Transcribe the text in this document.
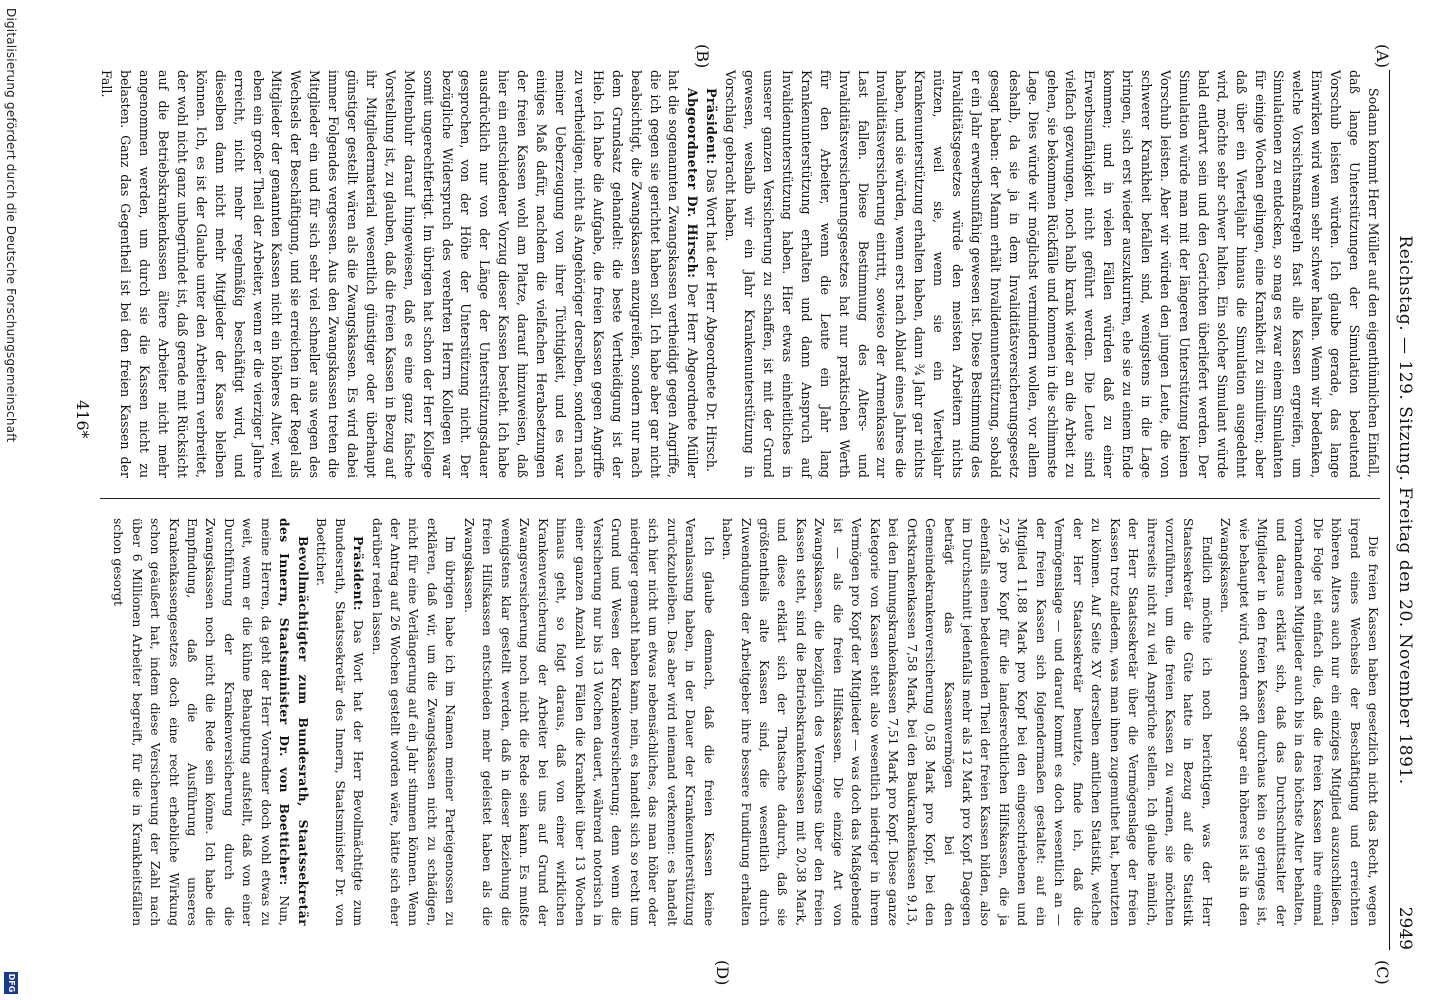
Reichstag. — 129. Sitzung. Freitag den 20. November 1891.
2949
(A)
(B)
(C)
(D)

Sodann kommt Herr Müller auf den eigenthümlichen Einfall, daß lange Unterstützungen der Simulation bedeutend Vorschub leisten würden. Ich glaube gerade, das lange Einwirken wird wenn sehr schwer halten. Wenn wir bedenken, welche Vorsichtsmaßregeln fast alle Kassen ergreifen, um Simulationen zu entdecken, so mag es zwar einem Simulanten für einige Wochen gelingen, eine Krankheit zu simuliren; aber daß über ein Vierteljahr hinaus die Simulation ausgedehnt wird, möchte sehr schwer halten. Ein solcher Simulant würde bald entlarvt sein und den Gerichten überliefert werden. Der Simulation würde man mit der längeren Unterstützung keinen Vorschub leisten. Aber wir würden den jungen Leute, die von schwerer Krankheit befallen sind, wenigstens in die Lage bringen, sich erst wieder auszukuriren, ehe sie zu einem Ende kommen; und in vielen Fällen würden daß zu einer Erwerbsunfähigkeit nicht geführt werden. Die Leute sind vielfach gezwungen, noch halb krank wieder an die Arbeit zu gehen, sie bekommen Rückfälle und kommen in die schlimmste Lage. Dies würde wir möglichst vermindern wollen, vor allem deshalb, da sie ja in dem Invaliditätsversicherungsgesetz gesagt haben: der Mann erhält Invalidenunterstützung, sobald er ein Jahr erwerbsunfähig gewesen ist. Diese Bestimmung des Invaliditätsgesetzes würde den meisten Arbeitern nichts nützen, weil sie, wenn sie ein Vierteljahr Krankenunterstützung erhalten haben, dann ¾ Jahr gar nichts haben, und sie würden, wenn erst nach Ablauf eines Jahres die Invaliditätsversicherung eintritt, sowieso der Armenkasse zur Last fallen. Diese Bestimmung des Alters- und Invaliditätsversicherungsgesetzes hat nur praktischen Werth für den Arbeiter, wenn die Leute ein Jahr lang Krankenunterstützung erhalten und dann Anspruch auf Invalidenunterstützung haben. Hier etwas einheitliches in unserer ganzen Versicherung zu schaffen, ist mit der Grund gewesen, weshalb wir ein Jahr Krankenunterstützung in Vorschlag gebracht haben.

Präsident: Das Wort hat der Herr Abgeordnete Dr. Hirsch.

Abgeordneter Dr. Hirsch: Der Herr Abgeordnete Müller hat die sogenannten Zwangskassen vertheidigt gegen Angriffe, die ich gegen sie gerichtet haben soll. Ich habe aber gar nicht beabsichtigt, die Zwangskassen anzugreifen, sondern nur nach dem Grundsatz gehandelt: die beste Vertheidigung ist der Hieb. Ich habe die Aufgabe, die freien Kassen gegen Angriffe zu vertheidigen, nicht als Angehöriger derselben, sondern nach meiner Ueberzeugung von ihrer Tüchtigkeit, und es war einiges Maß dafür, nachdem die vielfachen Herabsetzungen der freien Kassen wohl am Platze, darauf hinzuweisen, daß hier ein entschiedener Vorzug dieser Kassen besteht. Ich habe ausdrücklich nur von der Länge der Unterstützungsdauer gesprochen, von der Höhe der Unterstützung nicht. Der bezügliche Widerspruch des verehrten Herrn Kollegen war somit ungerechtfertigt. Im übrigen hat schon der Herr Kollege Moltenbuhr darauf hingewiesen, daß es eine ganz falsche Vorstellung ist, zu glauben, daß die freien Kassen in Bezug auf ihr Mitgliedermaterial wesentlich günstiger oder überhaupt günstiger gestellt wären als die Zwangskassen. Es wird dabei immer Folgendes vergessen. Aus den Zwangskassen treten die Mitglieder ein und für sich sehr viel schneller aus wegen des Wechsels der Beschäftigung, und sie erreichen in der Regel als Mitglieder der genannten Kassen nicht ein höheres Alter, weil eben ein großer Theil der Arbeiter, wenn er die vierziger Jahre erreicht, nicht mehr regelmäßig beschäftigt wird, und dieselben dann nicht mehr Mitglieder der Kasse bleiben können. Ich, es ist der Glaube unter den Arbeitern verbreitet, der wohl nicht ganz unbegründet ist, daß gerade mit Rücksicht auf die Betriebskrankenkassen ältere Arbeiter nicht mehr angenommen werden, um durch sie die Kassen nicht zu belasten. Ganz das Gegentheil ist bei den freien Kassen der Fall.

Die freien Kassen haben gesetzlich nicht das Recht, wegen irgend eines Wechsels der Beschäftigung und erreichten höheren Alters auch nur ein einziges Mitglied auszuschließen. Die Folge ist einfach die, daß die freien Kassen ihre einmal vorhandenen Mitglieder auch bis in das höchste Alter behalten, und daraus erklärt sich, daß das Durchschnittsalter der Mitglieder in den freien Kassen durchaus kein so geringes ist, wie behauptet wird, sondern oft sogar ein höheres ist als in den Zwangskassen.

Endlich möchte ich noch berichtigen, was der Herr Staatssekretär die Güte hatte in Bezug auf die Statistik vorzuführen, um die freien Kassen zu warnen, sie möchten ihrerseits nicht zu viel Ansprüche stellen. Ich glaube nämlich, der Herr Staatssekretär über die Vermögenslage der freien Kassen trotz alledem, was man ihnen zugemuthet hat, benutzten zu können. Auf Seite XV derselben amtlichen Statistik, welche der Herr Staatssekretär benutzte, finde ich, daß die Vermögenslage — und darauf kommt es doch wesentlich an — der freien Kassen sich folgendermaßen gestaltet: auf ein Mitglied 11,88 Mark pro Kopf bei den eingeschriebenen und 27,36 pro Kopf für die landesrechtlichen Hilfskassen, die ja ebenfalls einen bedeutenden Theil der freien Kassen bilden, also im Durchschnitt jedenfalls mehr als 12 Mark pro Kopf. Dagegen beträgt das Kassenvermögen bei den Gemeindekrankenversicherung 0,58 Mark pro Kopf, bei den Ortskrankenkassen 7,58 Mark, bei den Baukrankenkassen 9,13, bei den Innungskrankenkassen 7,51 Mark pro Kopf. Diese ganze Kategorie von Kassen steht also wesentlich niedriger in ihrem Vermögen pro Kopf der Mitglieder — was doch das Maßgebende ist — als die freien Hilfskassen. Die einzige Art von Zwangskassen, die bezüglich des Vermögens über den freien Kassen steht, sind die Betriebskrankenkassen mit 20,38 Mark, und diese erklärt sich der Thatsache dadurch, daß sie größtentheils alte Kassen sind, die wesentlich durch Zuwendungen der Arbeitgeber ihre bessere Fundirung erhalten haben.

Ich glaube demnach, daß die freien Kassen keine Veranlassung haben, in der Dauer der Krankenunterstützung zurückzubleiben. Das aber wird niemand verkennen: es handelt sich hier nicht um etwas nebensächliches, das man höher oder niedriger gemacht haben kann, nein, es handelt sich so recht um Grund und Wesen der Krankenversicherung; denn wenn die Versicherung nur bis 13 Wochen dauert, während notorisch in einer ganzen Anzahl von Fällen die Krankheit über 13 Wochen hinaus geht, so folgt daraus, daß von einer wirklichen Krankenversicherung der Arbeiter bei uns auf Grund der Zwangsversicherung noch nicht die Rede sein kann. Es mußte wenigstens klar gestellt werden, daß in dieser Beziehung die freien Hilfskassen entschieden mehr geleistet haben als die Zwangskassen.

Im übrigen habe ich im Namen meiner Parteigenossen zu erklären, daß wir, um die Zwangskassen nicht zu schädigen, nicht für eine Verlängerung auf ein Jahr stimmen können. Wenn der Antrag auf 26 Wochen gestellt worden wäre, hätte sich eher darüber reden lassen.

Präsident: Das Wort hat der Herr Bevollmächtigte zum Bundesrath, Staatssekretär des Innern, Staatsminister Dr. von Boetticher.

Bevollmächtigter zum Bundesrath, Staatssekretär des Innern, Staatsminister Dr. von Boetticher: Nun, meine Herren, da geht der Herr Vorredner doch wohl etwas zu weit, wenn er die kühne Behauptung aufstellt, daß von einer Durchführung der Krankenversicherung durch die Zwangskassen noch nicht die Rede sein könne. Ich habe die Empfindung, daß die Ausführung unseres Krankenkassengesetzes doch eine recht erhebliche Wirkung schon geäußert hat, indem diese Versicherung der Zahl nach über 6 Millionen Arbeiter begreift, für die in Krankheitsfällen schon gesorgt

416*
Digitalisierung gefördert durch die Deutsche Forschungsgemeinschaft
DFG
